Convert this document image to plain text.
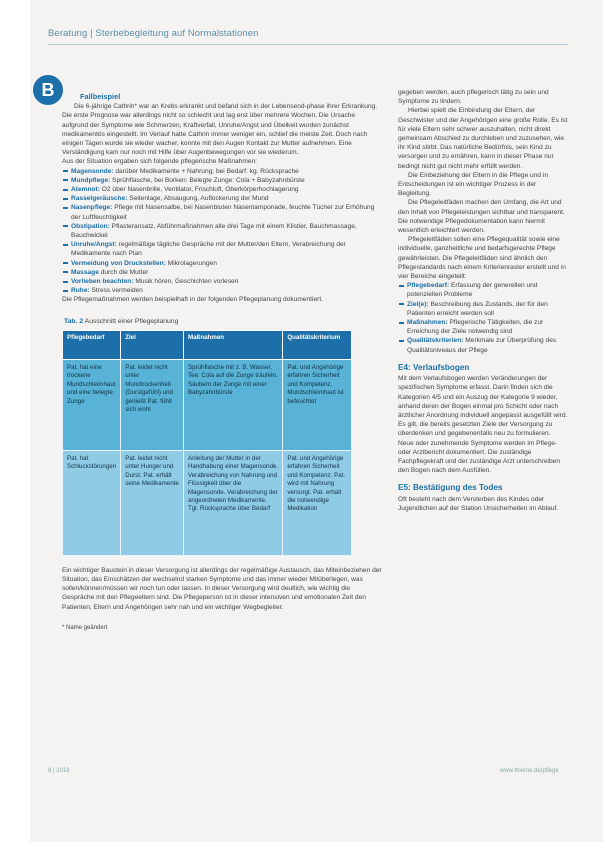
Beratung | Sterbebegleitung auf Normalstationen
B	Fallbeispiel

Die 6-jährige Cathrin* war an Krebs erkrankt und befand sich in der Lebensend-phase ihrer Erkrankung. Die erste Prognose war allerdings nicht so schlecht und lag erst über mehrere Wochen. Die Ursache aufgrund der Symptome wie Schmerzen, Kraftverfall, Unruhe/Angst und Übelkeit wurden zunächst medikamentös eingestellt. Im Verlauf hatte Cathrin immer weniger ein, schlief die meiste Zeit. Doch nach einigen Tagen wurde sie wieder wacher, konnte mit den Augen Kontakt zur Mutter aufnehmen. Eine Verständigung kam nur noch mit Hilfe über Augenbewegungen vor sie wiederum.

Aus der Situation ergaben sich folgende pflegerische Maßnahmen:

Magensonde: darüber Medikamente + Nahrung; bei Bedarf: kg. Rücksprache
Mundpflege: Sprühflasche, bei Borken: Belegte Zunge: Cola + Babyzahnbürste
Atemnot: O2 über Nasenbrille, Ventilator, Frischluft, Oberkörperhochlagerung
Rasselgeräusche: Seitenlage, Absaugung, Auflockerung der Mund
Nasenpflege: Pflege mit Nasensalbe, bei Nasenbluten Nasentamponade, feuchte Tücher zur Erhöhung der Luftfeuchtigkeit
Obstipation: Pflasteransatz, Abführmaßnahmen alle drei Tage mit einem Klistier, Bauchmassage, Bauchwickel
Unruhe/Angst: regelmäßige tägliche Gespräche mit der Mutter/den Eltern, Verabreichung der Medikamente nach Plan
Vermeidung von Druckstellen: Mikrolagerungen
Massage durch die Mutter
Vorlieben beachten: Musik hören, Geschichten vorlesen
Ruhe: Stress vermeiden

Die Pflegemaßnahmen werden beispielhaft in der folgenden Pflegeplanung dokumentiert.

Tab. 2 Ausschnitt einer Pflegeplanung
Pflegebedarf	Ziel	Maßnahmen	Qualitätskriterium
Pat. hat eine trockene Mundschleimhaut und eine belegte Zunge	Pat. leidet nicht unter Mundtrockenheit (Durstgefühl) und genießt Pat. fühlt sich wohl	Sprühflasche mit z. B. Wasser, Tee. Cola auf die Zunge träufeln. Säubern der Zunge mit einer Babyzahnbürste	Pat. und Angehörige erfahren Sicherheit und Kompetenz. Mundschleimhaut ist befeuchtet
Pat. hat Schluckstörungen	Pat. leidet nicht unter Hunger und Durst. Pat. erhält seine Medikamente	Anleitung der Mutter in der Handhabung einer Magensonde. Verabreichung von Nahrung und Flüssigkeit über die Magensonde. Verabreichung der angeordneten Medikamente. Tgl. Rücksprache über Bedarf	Pat. und Angehörige erfahren Sicherheit und Kompetenz. Pat. wird mit Nahrung versorgt. Pat. erhält die notwendige Medikation

Ein wichtiger Baustein in dieser Versorgung ist allerdings der regelmäßige Austausch, das Miteinbeziehen der Situation, das Einschätzen der wechselnd starken Symptome und das immer wieder Mitüberlegen, was sollen/können/müssen wir noch tun oder lassen. In dieser Versorgung wird deutlich, wie wichtig die Gespräche mit den Pflegeeltern sind. Die Pflegeperson ist in dieser intensiven und emotionalen Zeit den Patienten, Eltern und Angehörigen sehr nah und ein wichtiger Wegbegleiter.

* Name geändert

gegeben werden, auch pflegerisch tätig zu sein und Symptome zu lindern.

Hierbei spielt die Einbindung der Eltern, der Geschwister und der Angehörigen eine große Rolle. Es ist für viele Eltern sehr schwer auszuhalten, nicht direkt gemeinsam Abschied zu durchleben und zuzusehen, wie ihr Kind stirbt. Das natürliche Bedürfnis, sein Kind zu versorgen und zu ernähren, kann in dieser Phase nur bedingt nicht gut nicht mehr erfüllt werden.

Die Einbeziehung der Eltern in die Pflege und in Entscheidungen ist ein wichtiger Prozess in der Begleitung.

Die Pflegeleitfäden machen den Umfang, die Art und den Inhalt von Pflegeleistungen sichtbar und transparent. Die notwendige Pflegedokumentation kann hiermit wesentlich erleichtert werden.

Pflegeleitfäden sollen eine Pflegequalität sowie eine individuelle, ganzheitliche und bedarfsgerechte Pflege gewährleisten. Die Pflegeleitfäden sind ähnlich den Pflegestandards nach einem Kriterienraster erstellt und in vier Bereiche eingeteilt:

Pflegebedarf: Erfassung der generellen und potenziellen Probleme
Ziel(e): Beschreibung des Zustands, der für den Patienten erreicht werden soll
Maßnahmen: Pflegerische Tätigkeiten, die zur Erreichung der Ziele notwendig sind
Qualitätskriterien: Merkmale zur Überprüfung des Qualitätsniveaus der Pflege
E4: Verlaufsbogen

Mit dem Verlaufsbogen werden Veränderungen der spezifischen Symptome erfasst. Darin finden sich die Kategorien 4/5 und ein Auszug der Kategorie 9 wieder, anhand deren der Bogen einmal pro Schicht oder nach ärztlicher Anordnung individuell angepasst ausgefüllt wird. Es gilt, die bereits gesetzten Ziele der Versorgung zu überdenken und gegebenenfalls neu zu formulieren. Neue oder zunehmende Symptome werden im Pflege- oder Arztbericht dokumentiert. Die zuständige Fachpflegekraft und der zuständige Arzt unterschreiben den Bogen nach dem Ausfüllen.

E5: Bestätigung des Todes

Oft besteht nach dem Versterben des Kindes oder Jugendlichen auf der Station Unsicherheiten im Ablauf.

8 | 2018	www.thieme.de/pflege
